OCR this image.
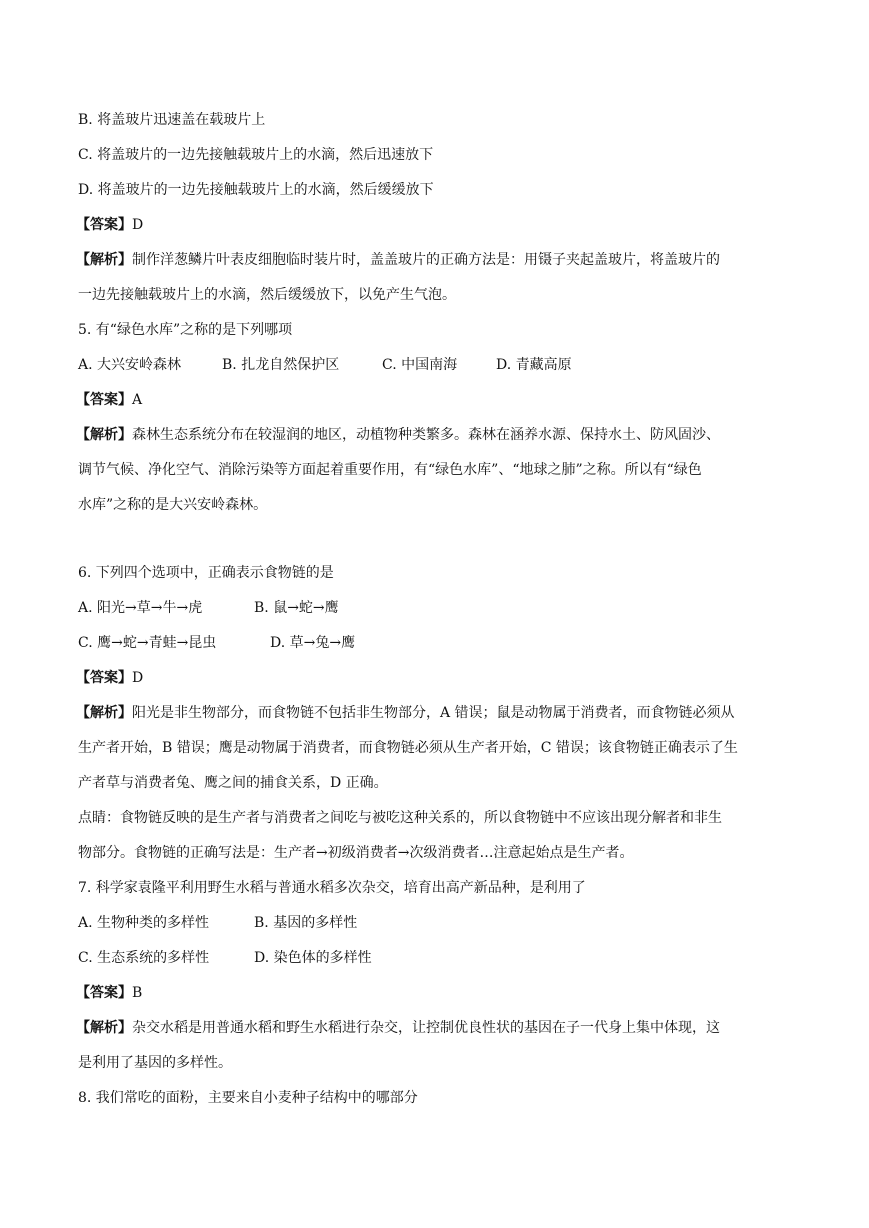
B. 将盖玻片迅速盖在载玻片上
C. 将盖玻片的一边先接触载玻片上的水滴，然后迅速放下
D. 将盖玻片的一边先接触载玻片上的水滴，然后缓缓放下
【答案】D
【解析】制作洋葱鳞片叶表皮细胞临时装片时，盖盖玻片的正确方法是：用镊子夹起盖玻片，将盖玻片的
一边先接触载玻片上的水滴，然后缓缓放下，以免产生气泡。
5. 有“绿色水库”之称的是下列哪项
A. 大兴安岭森林	B. 扎龙自然保护区	C. 中国南海	D. 青藏高原
【答案】A
【解析】森林生态系统分布在较湿润的地区，动植物种类繁多。森林在涵养水源、保持水土、防风固沙、
调节气候、净化空气、消除污染等方面起着重要作用，有“绿色水库”、“地球之肺”之称。所以有“绿色
水库”之称的是大兴安岭森林。
6. 下列四个选项中，正确表示食物链的是
A. 阳光→草→牛→虎	B. 鼠→蛇→鹰
C. 鹰→蛇→青蛙→昆虫	D. 草→兔→鹰
【答案】D
【解析】阳光是非生物部分，而食物链不包括非生物部分，A 错误；鼠是动物属于消费者，而食物链必须从
生产者开始，B 错误；鹰是动物属于消费者，而食物链必须从生产者开始，C 错误；该食物链正确表示了生
产者草与消费者兔、鹰之间的捕食关系，D 正确。
点睛：食物链反映的是生产者与消费者之间吃与被吃这种关系的，所以食物链中不应该出现分解者和非生
物部分。食物链的正确写法是：生产者→初级消费者→次级消费者…注意起始点是生产者。
7. 科学家袁隆平利用野生水稻与普通水稻多次杂交，培育出高产新品种，是利用了
A. 生物种类的多样性	B. 基因的多样性
C. 生态系统的多样性	D. 染色体的多样性
【答案】B
【解析】杂交水稻是用普通水稻和野生水稻进行杂交，让控制优良性状的基因在子一代身上集中体现，这
是利用了基因的多样性。
8. 我们常吃的面粉，主要来自小麦种子结构中的哪部分
